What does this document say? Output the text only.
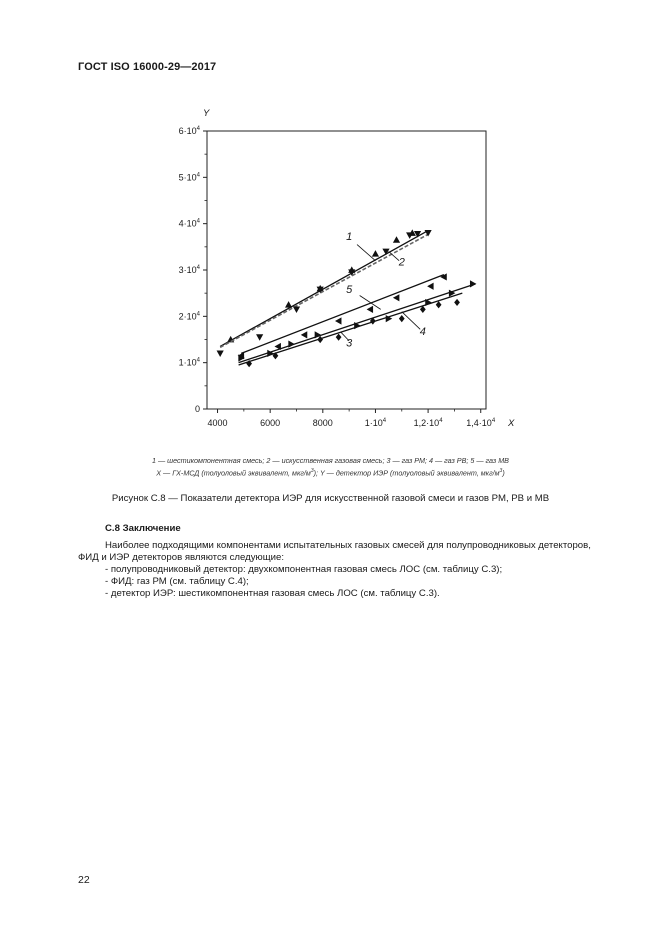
ГОСТ ISO 16000-29—2017
4000	6000	8000	$1\cdot 10^4$	$1,2\cdot 10^4$	$1,4\cdot 10^4$
0
$1\cdot 10^4$
$2\cdot 10^4$
$3\cdot 10^4$
$4\cdot 10^4$
$5\cdot 10^4$
$6\cdot 10^4$
X
Y
1
2
5
4
3
1 — шестикомпонентная смесь; 2 — искусственная газовая смесь; 3 — газ РМ; 4 — газ РВ; 5 — газ МВ
X — ГХ-МСД (толуоловый эквивалент, мкг/$м^3$); Y — детектор ИЭР (толуоловый эквивалент, мкг/$м^3$)
Рисунок С.8 — Показатели детектора ИЭР для искусственной газовой смеси и газов РМ, РВ и МВ
С.8 Заключение
Наиболее подходящими компонентами испытательных газовых смесей для полупроводниковых детекторов,
ФИД и ИЭР детекторов являются следующие:
- полупроводниковый детектор: двухкомпонентная газовая смесь ЛОС (см. таблицу С.3);
- ФИД: газ РМ (см. таблицу С.4);
- детектор ИЭР: шестикомпонентная газовая смесь ЛОС (см. таблицу С.3).
22
